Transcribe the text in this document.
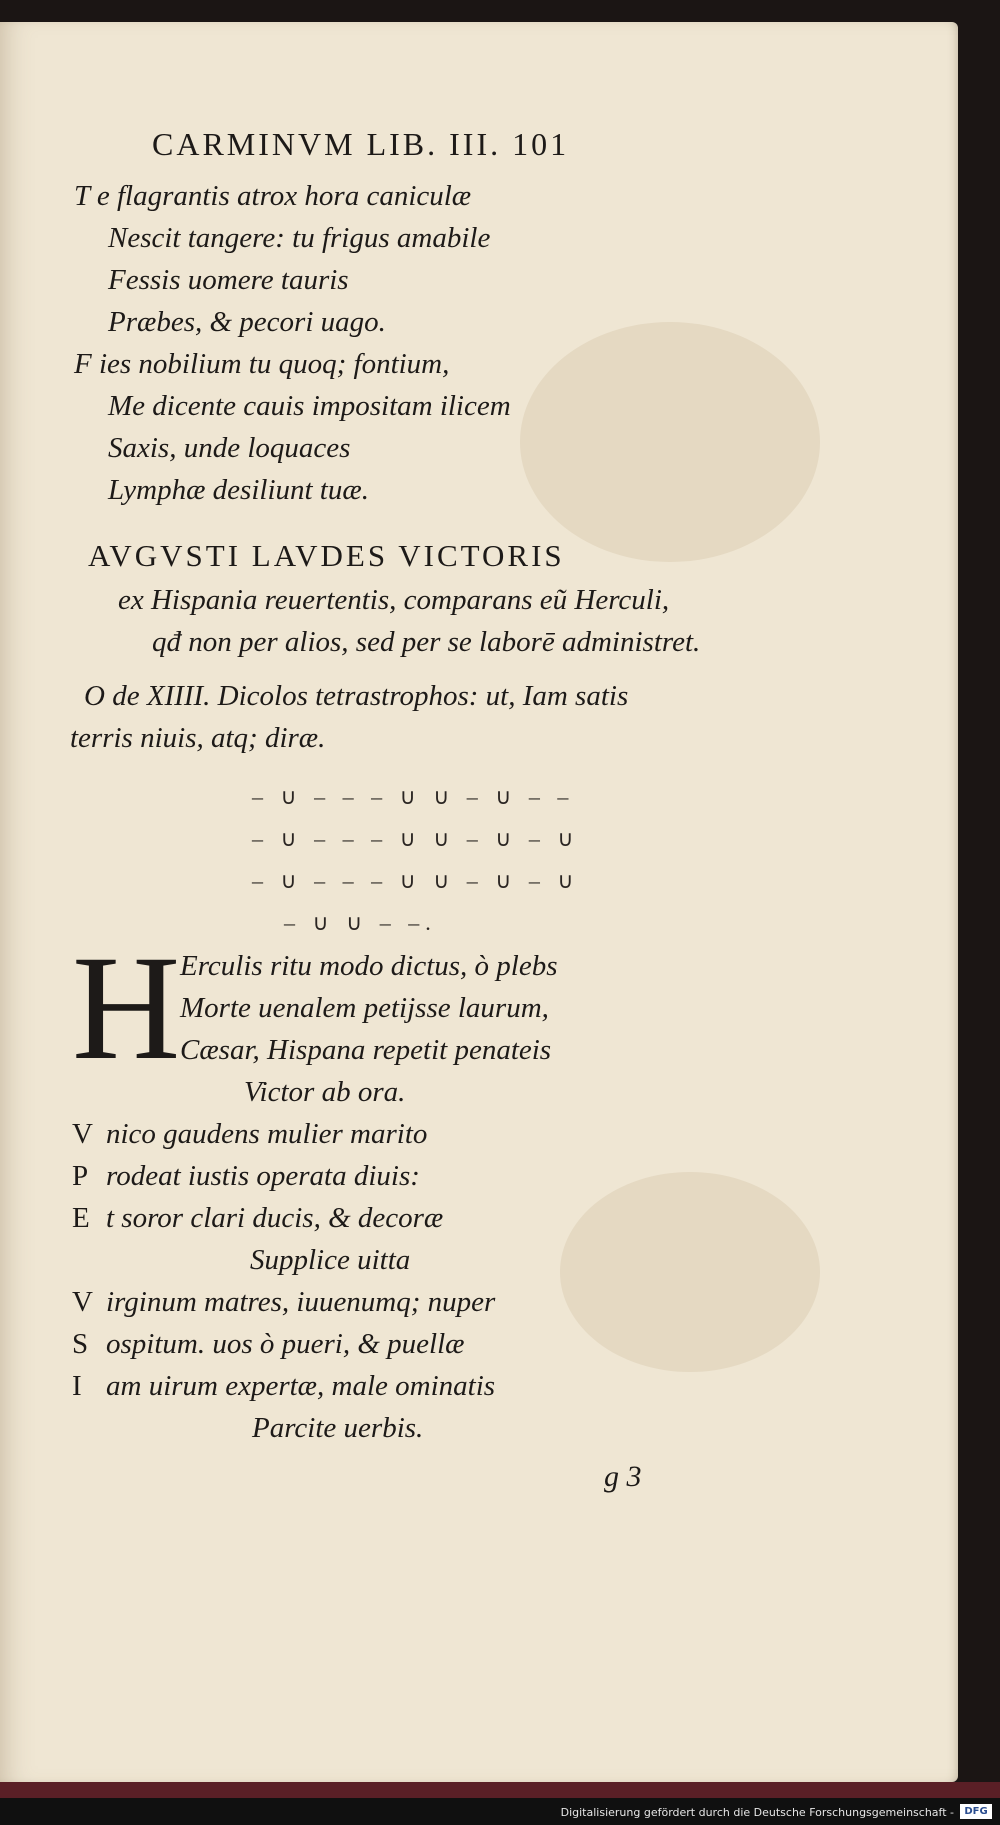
CARMINVM LIB. III. 101
T e flagrantis atrox hora caniculæ
Nescit tangere: tu frigus amabile
Fessis uomere tauris
Præbes, & pecori uago.
F ies nobilium tu quoq; fontium,
Me dicente cauis impositam ilicem
Saxis, unde loquaces
Lymphæ desiliunt tuæ.
AVGVSTI LAVDES VICTORIS
ex Hispania reuertentis, comparans eũ Herculi,
qđ non per alios, sed per se laborē administret.
O de XIIII. Dicolos tetrastrophos: ut, Iam satis
terris niuis, atq; diræ.
– ∪ – – – ∪ ∪ – ∪ – –
– ∪ – – – ∪ ∪ – ∪ – ∪
– ∪ – – – ∪ ∪ – ∪ – ∪
– ∪ ∪ – –.
H Erculis ritu modo dictus, ò plebs
Morte uenalem petijsse laurum,
Cæsar, Hispana repetit penateis
Victor ab ora.
V nico gaudens mulier marito
P rodeat iustis operata diuis:
E t soror clari ducis, & decoræ
Supplice uitta
V irginum matres, iuuenumq; nuper
S ospitum. uos ò pueri, & puellæ
I am uirum expertæ, male ominatis
Parcite uerbis.
g 3
Digitalisierung gefördert durch die Deutsche Forschungsgemeinschaft -	DFG
